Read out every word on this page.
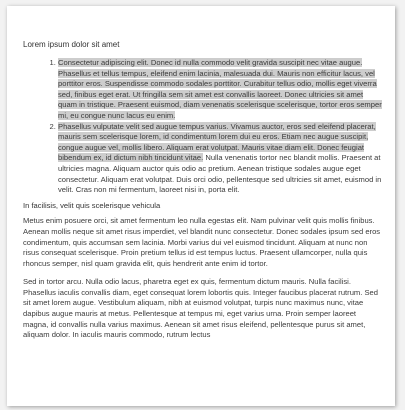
Lorem ipsum dolor sit amet
1. Consectetur adipiscing elit. Donec id nulla commodo velit gravida suscipit nec vitae augue. Phasellus et tellus tempus, eleifend enim lacinia, malesuada dui. Mauris non efficitur lacus, vel porttitor eros. Suspendisse commodo sodales porttitor. Curabitur tellus odio, mollis eget viverra sed, finibus eget erat. Ut fringilla sem sit amet est convallis laoreet. Donec ultricies sit amet quam in tristique. Praesent euismod, diam venenatis scelerisque scelerisque, tortor eros semper mi, eu congue nunc lacus eu enim.
2. Phasellus vulputate velit sed augue tempus varius. Vivamus auctor, eros sed eleifend placerat, mauris sem scelerisque lorem, id condimentum lorem dui eu eros. Etiam nec augue suscipit, congue augue vel, mollis libero. Aliquam erat volutpat. Mauris vitae diam elit. Donec feugiat bibendum ex, id dictum nibh tincidunt vitae. Nulla venenatis tortor nec blandit mollis. Praesent at ultricies magna. Aliquam auctor quis odio ac pretium. Aenean tristique sodales augue eget consectetur. Aliquam erat volutpat. Duis orci odio, pellentesque sed ultricies sit amet, euismod in velit. Cras non mi fermentum, laoreet nisi in, porta elit.
In facilisis, velit quis scelerisque vehicula

Metus enim posuere orci, sit amet fermentum leo nulla egestas elit. Nam pulvinar velit quis mollis finibus. Aenean mollis neque sit amet risus imperdiet, vel blandit nunc consectetur. Donec sodales ipsum sed eros condimentum, quis accumsan sem lacinia. Morbi varius dui vel euismod tincidunt. Aliquam at nunc non risus consequat scelerisque. Proin pretium tellus id est tempus luctus. Praesent ullamcorper, nulla quis rhoncus semper, nisl quam gravida elit, quis hendrerit ante enim id tortor.

Sed in tortor arcu. Nulla odio lacus, pharetra eget ex quis, fermentum dictum mauris. Nulla facilisi. Phasellus iaculis convallis diam, eget consequat lorem lobortis quis. Integer faucibus placerat rutrum. Sed sit amet lorem augue. Vestibulum aliquam, nibh at euismod volutpat, turpis nunc maximus nunc, vitae dapibus augue mauris at metus. Pellentesque at tempus mi, eget varius urna. Proin semper laoreet magna, id convallis nulla varius maximus. Aenean sit amet risus eleifend, pellentesque purus sit amet, aliquam dolor. In iaculis mauris commodo, rutrum lectus
